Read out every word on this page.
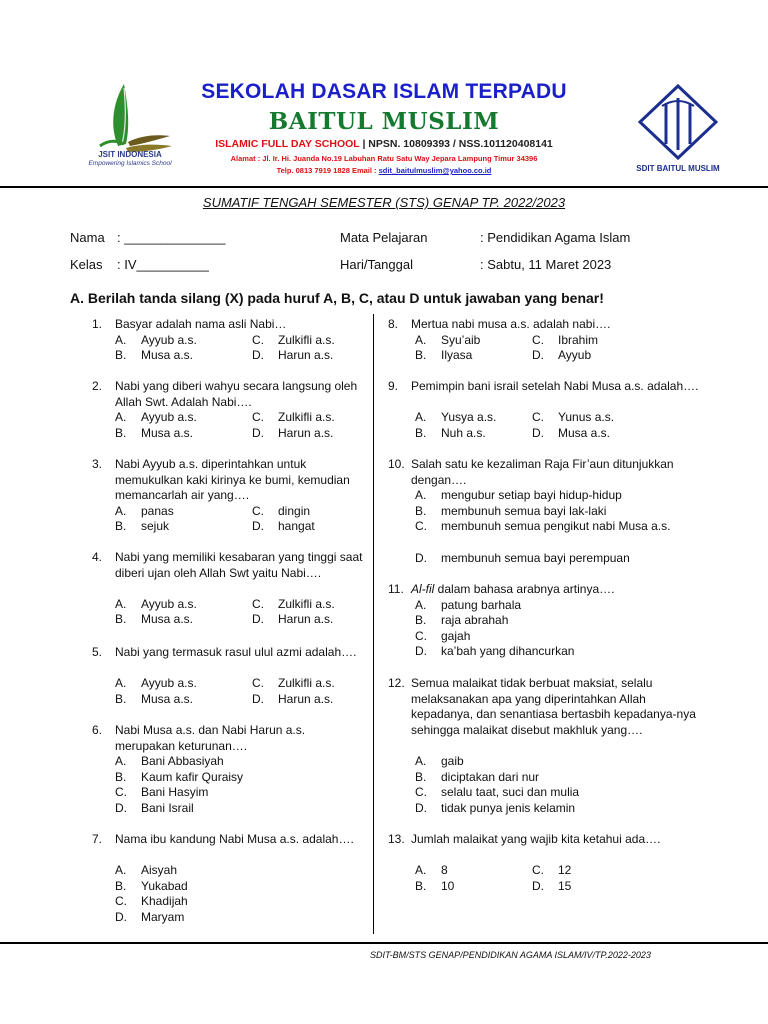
JSIT INDONESIA
Empowering Islamics School
SDIT BAITUL MUSLIM
SEKOLAH DASAR ISLAM TERPADU
BAITUL MUSLIM
ISLAMIC FULL DAY SCHOOL | NPSN. 10809393 / NSS.101120408141
Alamat : Jl. Ir. Hi. Juanda No.19 Labuhan Ratu Satu Way Jepara Lampung Timur 34396
Telp. 0813 7919 1828 Email : sdit_baitulmuslim@yahoo.co.id
SUMATIF TENGAH SEMESTER (STS) GENAP TP. 2022/2023
Nama : ______________
Kelas : IV__________
Mata Pelajaran	: Pendidikan Agama Islam
Hari/Tanggal	: Sabtu, 11 Maret 2023
A. Berilah tanda silang (X) pada huruf A, B, C, atau D untuk jawaban yang benar!
1. Basyar adalah nama asli Nabi…
A. Ayyub a.s.	C. Zulkifli a.s.
B. Musa a.s.	D. Harun a.s.
2. Nabi yang diberi wahyu secara langsung oleh Allah Swt. Adalah Nabi….
A. Ayyub a.s.	C. Zulkifli a.s.
B. Musa a.s.	D. Harun a.s.
3. Nabi Ayyub a.s. diperintahkan untuk memukulkan kaki kirinya ke bumi, kemudian memancarlah air yang….
A. panas	C. dingin
B. sejuk	D. hangat
4. Nabi yang memiliki kesabaran yang tinggi saat diberi ujan oleh Allah Swt yaitu Nabi….
A. Ayyub a.s.	C. Zulkifli a.s.
B. Musa a.s.	D. Harun a.s.
5. Nabi yang termasuk rasul ulul azmi adalah….
A. Ayyub a.s.	C. Zulkifli a.s.
B. Musa a.s.	D. Harun a.s.
6. Nabi Musa a.s. dan Nabi Harun a.s. merupakan keturunan….
A. Bani Abbasiyah
B. Kaum kafir Quraisy
C. Bani Hasyim
D. Bani Israil
7. Nama ibu kandung Nabi Musa a.s. adalah….
A. Aisyah
B. Yukabad
C. Khadijah
D. Maryam
8. Mertua nabi musa a.s. adalah nabi….
A. Syu’aib	C. Ibrahim
B. Ilyasa	D. Ayyub
9. Pemimpin bani israil setelah Nabi Musa a.s. adalah….
A. Yusya a.s.	C. Yunus a.s.
B. Nuh a.s.	D. Musa a.s.
10. Salah satu ke kezaliman Raja Fir’aun ditunjukkan dengan….
A. mengubur setiap bayi hidup-hidup
B. membunuh semua bayi lak-laki
C. membunuh semua pengikut nabi Musa a.s.
D. membunuh semua bayi perempuan
11. Al-fil dalam bahasa arabnya artinya….
A. patung barhala
B. raja abrahah
C. gajah
D. ka’bah yang dihancurkan
12. Semua malaikat tidak berbuat maksiat, selalu melaksanakan apa yang diperintahkan Allah kepadanya, dan senantiasa bertasbih kepadanya-nya sehingga malaikat disebut makhluk yang….
A. gaib
B. diciptakan dari nur
C. selalu taat, suci dan mulia
D. tidak punya jenis kelamin
13. Jumlah malaikat yang wajib kita ketahui ada….
A. 8	C. 12
B. 10	D. 15
SDIT-BM/STS GENAP/PENDIDIKAN AGAMA ISLAM/IV/TP.2022-2023
